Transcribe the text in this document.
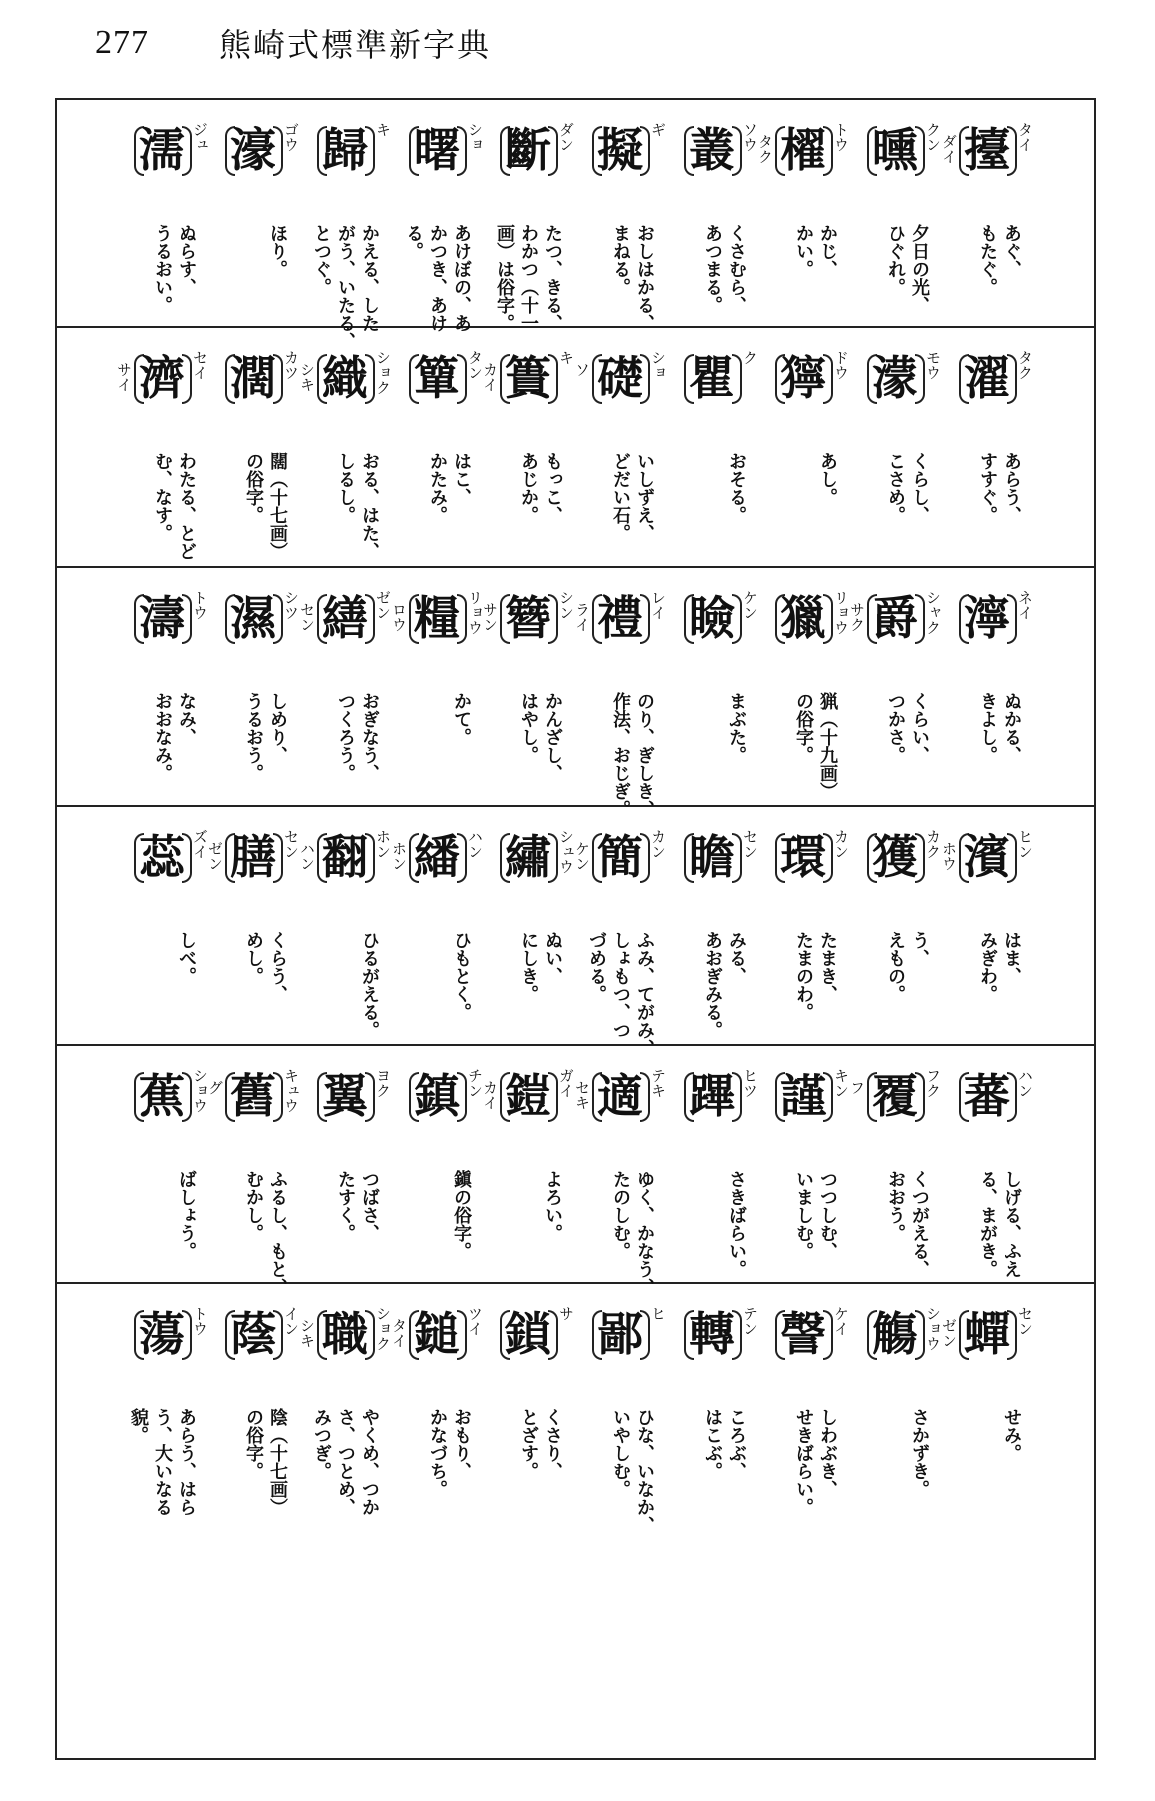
277 熊崎式標準新字典
擡 タイ
ダイ
あぐ、
もたぐ。
曛 クン
夕日の光、
ひぐれ。
櫂 トウ
タク
かじ、
かい。
叢 ソウ
くさむら、
あつまる。
擬 ギ
おしはかる、
まねる。
斷 ダン
たつ、きる、
わかつ（十一
画）は俗字。
曙 ショ
あけぼの、あ
かつき、あけ
る。
歸 キ
かえる、した
がう、いたる、
とつぐ。
濠 ゴウ
ほり。
濡 ジュ
ぬらす、
うるおい。
濯 タク
あらう、
すすぐ。
濛 モウ
くらし、
こさめ。
獰 ドウ
あし。
瞿 ク
おそる。
礎 ショ
ソ
いしずえ、
どだい石。
簣 キ
カイ
もっこ、
あじか。
簞 タン
はこ、
かたみ。
織 ショク
シキ
おる、はた、
しるし。
濶 カツ
闊（十七画）
の俗字。
濟 セイ
サイ
わたる、とど
む、なす。
濘 ネイ
ぬかる、
きよし。
爵 シャク
サク
くらい、
つかさ。
獵 リョウ
猟（十九画）
の俗字。
瞼 ケン
まぶた。
禮 レイ
ライ
のり、ぎしき、
作法、おじぎ。
簪 シン
サン
かんざし、
はやし。
糧 リョウ
ロウ
かて。
繕 ゼン
セン
おぎなう、
つくろう。
濕 シツ
しめり、
うるおう。
濤 トウ
なみ、
おおなみ。
濱 ヒン
ホウ
はま、
みぎわ。
獲 カク
う、
えもの。
環 カン
たまき、
たまのわ。
瞻 セン
みる、
あおぎみる。
簡 カン
ケン
ふみ、てがみ、
しょもつ、つ
づめる。
繡 シュウ
ぬい、
にしき。
繙 ハン
ホン
ひもとく。
翻 ホン
ハン
ひるがえる。
膳 セン
ゼン
くらう、
めし。
蕊 ズイ
しべ。
蕃 ハン
しげる、ふえ
る、まがき。
覆 フク
フ
くつがえる、
おおう。
謹 キン
つつしむ、
いましむ。
蹕 ヒツ
さきばらい。
適 テキ
セキ
ゆく、かなう、
たのしむ。
鎧 ガイ
カイ
よろい。
鎮 チン
鎭の俗字。
翼 ヨク
つばさ、
たすく。
舊 キュウ
グ
ふるし、もと、
むかし。
蕉 ショウ
ばしょう。
蟬 セン
ゼン
せみ。
觴 ショウ
さかずき。
謦 ケイ
しわぶき、
せきばらい。
轉 テン
ころぶ、
はこぶ。
鄙 ヒ
ひな、いなか、
いやしむ。
鎖 サ
くさり、
とざす。
鎚 ツイ
タイ
おもり、
かなづち。
職 ショク
シキ
やくめ、つか
さ、つとめ、
みつぎ。
蔭 イン
陰（十七画）
の俗字。
蕩 トウ
あらう、はら
う、大いなる
貌。
